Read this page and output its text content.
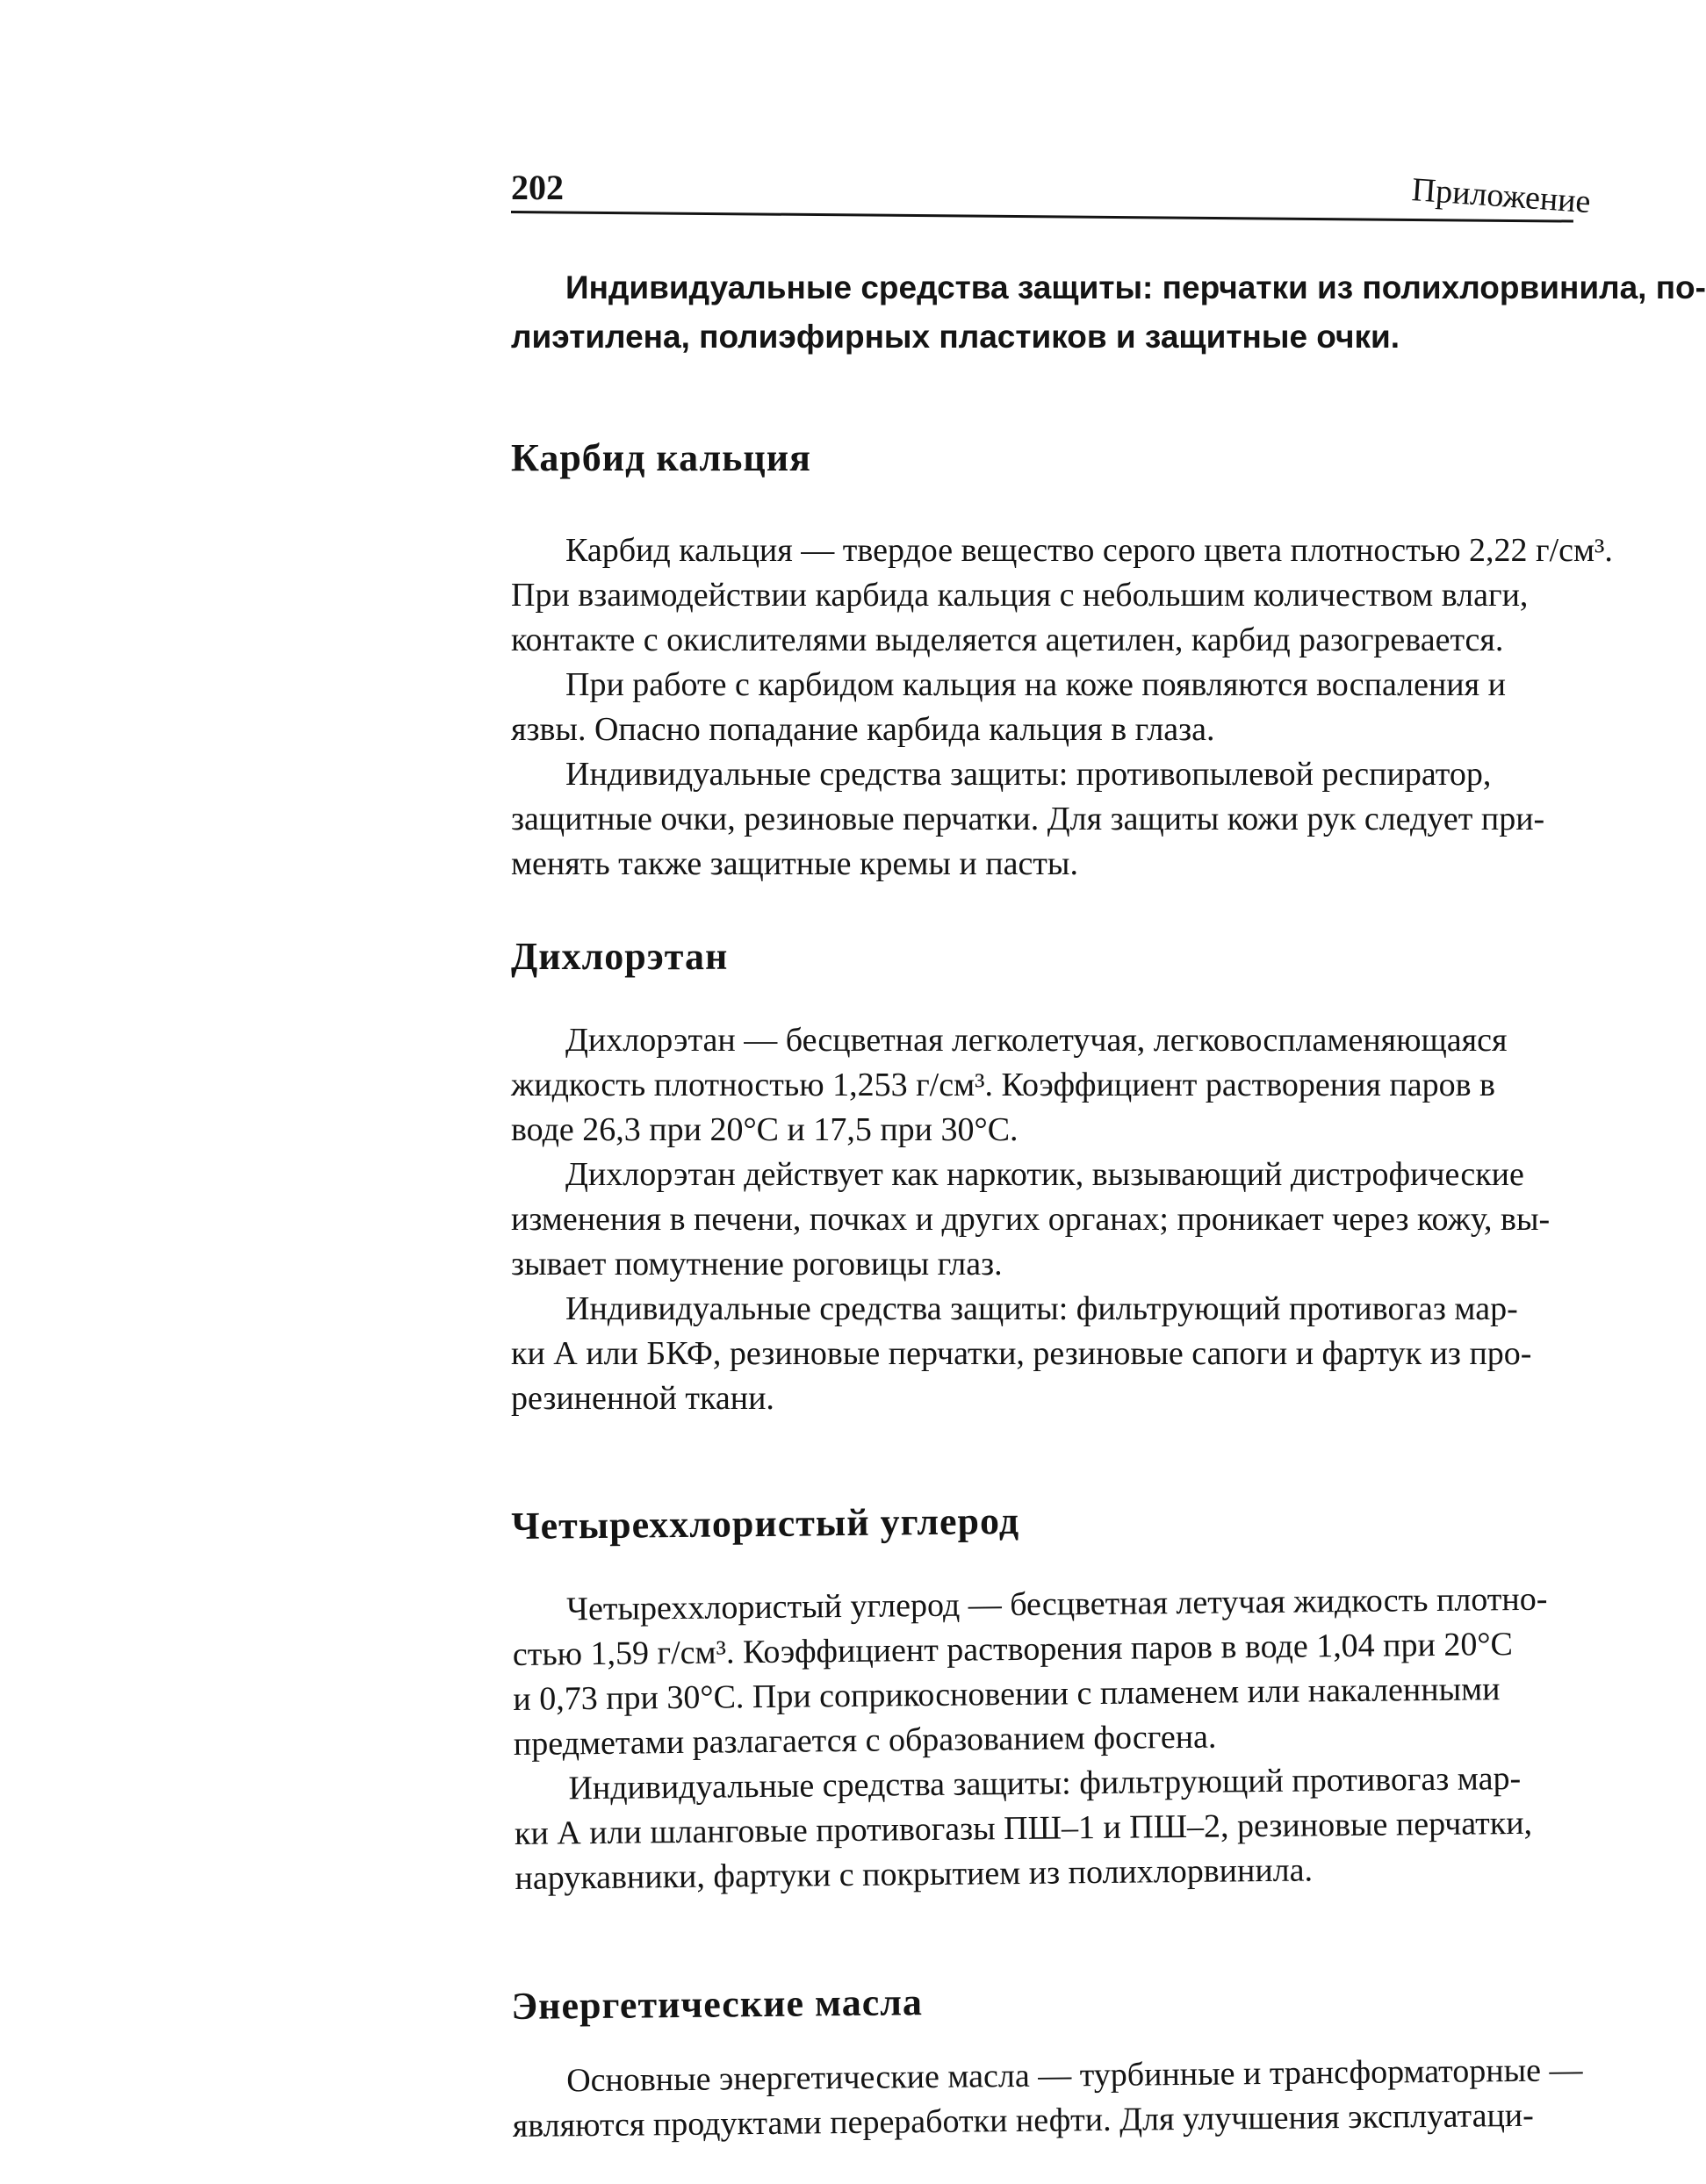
202	Приложение
Индивидуальные средства защиты: перчатки из полихлорвинила, по-
лиэтилена, полиэфирных пластиков и защитные очки.
Карбид кальция
Карбид кальция — твердое вещество серого цвета плотностью 2,22 г/см³.
При взаимодействии карбида кальция с небольшим количеством влаги,
контакте с окислителями выделяется ацетилен, карбид разогревается.
При работе с карбидом кальция на коже появляются воспаления и
язвы. Опасно попадание карбида кальция в глаза.
Индивидуальные средства защиты: противопылевой респиратор,
защитные очки, резиновые перчатки. Для защиты кожи рук следует при-
менять также защитные кремы и пасты.
Дихлорэтан
Дихлорэтан — бесцветная легколетучая, легковоспламеняющаяся
жидкость плотностью 1,253 г/см³. Коэффициент растворения паров в
воде 26,3 при 20°С и 17,5 при 30°С.
Дихлорэтан действует как наркотик, вызывающий дистрофические
изменения в печени, почках и других органах; проникает через кожу, вы-
зывает помутнение роговицы глаз.
Индивидуальные средства защиты: фильтрующий противогаз мар-
ки А или БКФ, резиновые перчатки, резиновые сапоги и фартук из про-
резиненной ткани.
Четыреххлористый углерод
Четыреххлористый углерод — бесцветная летучая жидкость плотно-
стью 1,59 г/см³. Коэффициент растворения паров в воде 1,04 при 20°С
и 0,73 при 30°С. При соприкосновении с пламенем или накаленными
предметами разлагается с образованием фосгена.
Индивидуальные средства защиты: фильтрующий противогаз мар-
ки А или шланговые противогазы ПШ–1 и ПШ–2, резиновые перчатки,
нарукавники, фартуки с покрытием из полихлорвинила.
Энергетические масла
Основные энергетические масла — турбинные и трансформаторные —
являются продуктами переработки нефти. Для улучшения эксплуатаци-
